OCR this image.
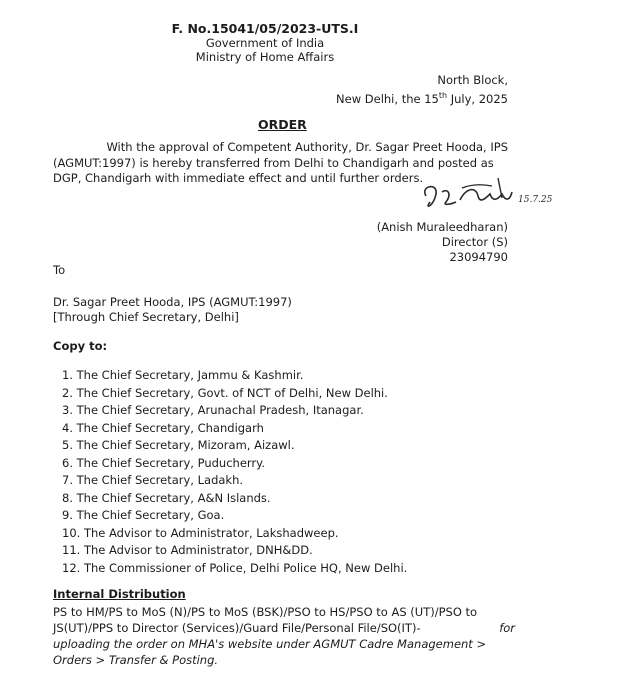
F. No.15041/05/2023-UTS.I
Government of India
Ministry of Home Affairs
North Block,
New Delhi, the 15th July, 2025
ORDER
With the approval of Competent Authority, Dr. Sagar Preet Hooda, IPS
(AGMUT:1997) is hereby transferred from Delhi to Chandigarh and posted as
DGP, Chandigarh with immediate effect and until further orders.
15.7.25
(Anish Muraleedharan)
Director (S)
23094790
To
Dr. Sagar Preet Hooda, IPS (AGMUT:1997)
[Through Chief Secretary, Delhi]
Copy to:
1. The Chief Secretary, Jammu & Kashmir.
2. The Chief Secretary, Govt. of NCT of Delhi, New Delhi.
3. The Chief Secretary, Arunachal Pradesh, Itanagar.
4. The Chief Secretary, Chandigarh
5. The Chief Secretary, Mizoram, Aizawl.
6. The Chief Secretary, Puducherry.
7. The Chief Secretary, Ladakh.
8. The Chief Secretary, A&N Islands.
9. The Chief Secretary, Goa.
10. The Advisor to Administrator, Lakshadweep.
11. The Advisor to Administrator, DNH&DD.
12. The Commissioner of Police, Delhi Police HQ, New Delhi.
Internal Distribution
PS to HM/PS to MoS (N)/PS to MoS (BSK)/PSO to HS/PSO to AS (UT)/PSO to
JS(UT)/PPS to Director (Services)/Guard File/Personal File/SO(IT)-	for
uploading the order on MHA's website under AGMUT Cadre Management >
Orders > Transfer & Posting.
